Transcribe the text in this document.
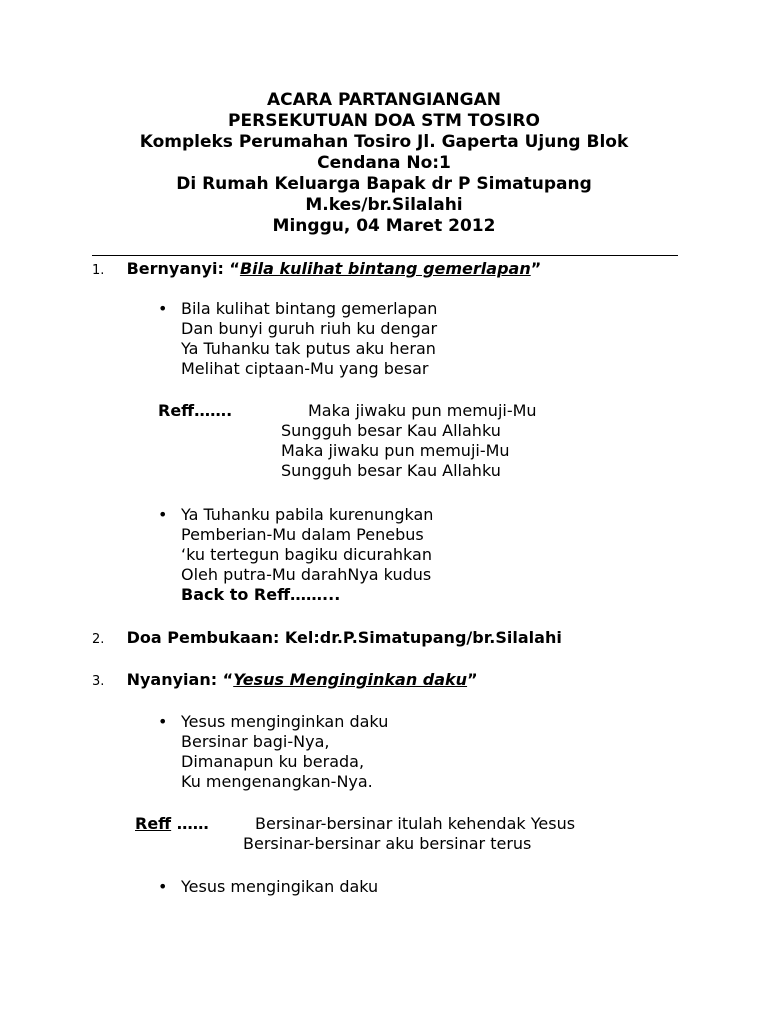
ACARA PARTANGIANGAN
PERSEKUTUAN DOA STM TOSIRO
Kompleks Perumahan Tosiro Jl. Gaperta Ujung Blok
Cendana No:1
Di Rumah Keluarga Bapak dr P Simatupang
M.kes/br.Silalahi
Minggu, 04 Maret 2012
1. Bernyanyi: “Bila kulihat bintang gemerlapan”
• Bila kulihat bintang gemerlapan
Dan bunyi guruh riuh ku dengar
Ya Tuhanku tak putus aku heran
Melihat ciptaan-Mu yang besar
Reff…….	Maka jiwaku pun memuji-Mu
Sungguh besar Kau Allahku
Maka jiwaku pun memuji-Mu
Sungguh besar Kau Allahku
• Ya Tuhanku pabila kurenungkan
Pemberian-Mu dalam Penebus
‘ku tertegun bagiku dicurahkan
Oleh putra-Mu darahNya kudus
Back to Reff……...
2. Doa Pembukaan: Kel:dr.P.Simatupang/br.Silalahi
3. Nyanyian: “Yesus Menginginkan daku”
• Yesus menginginkan daku
Bersinar bagi-Nya,
Dimanapun ku berada,
Ku mengenangkan-Nya.
Reff ……	Bersinar-bersinar itulah kehendak Yesus
Bersinar-bersinar aku bersinar terus
• Yesus mengingikan daku
